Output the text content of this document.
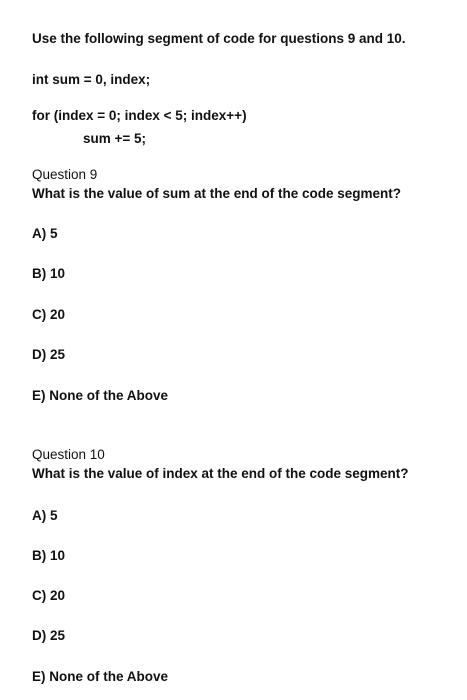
Use the following segment of code for questions 9 and 10.
int sum = 0, index;
for (index = 0; index < 5; index++)
sum += 5;
Question 9
What is the value of sum at the end of the code segment?
A) 5
B) 10
C) 20
D) 25
E) None of the Above
Question 10
What is the value of index at the end of the code segment?
A) 5
B) 10
C) 20
D) 25
E) None of the Above
